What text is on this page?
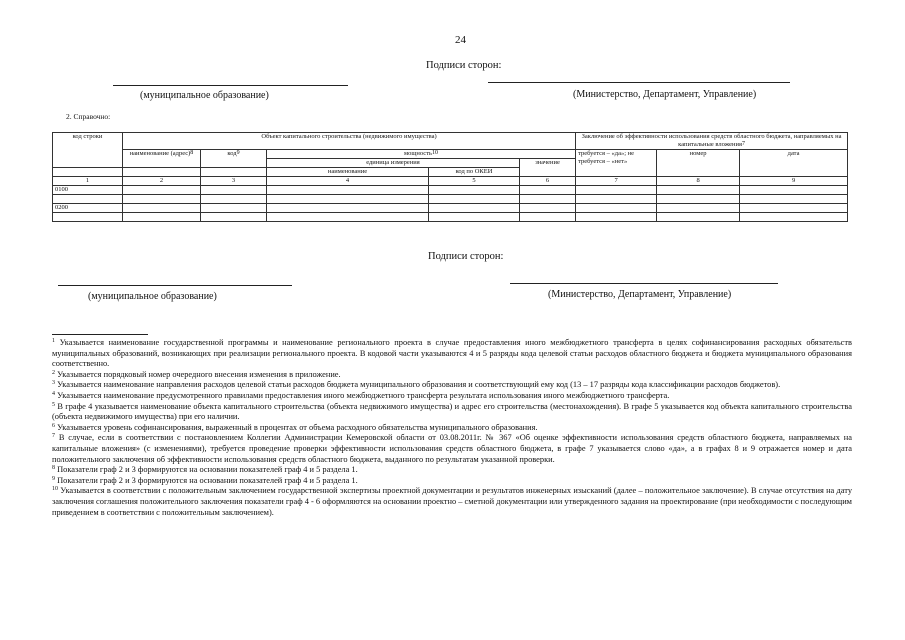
24
Подписи сторон:
(муниципальное образование)	(Министерство, Департамент, Управление)
2. Справочно:
код строки	Объект капитального строительства (недвижимого имущества)					Заключение об эффективности использования средств областного бюджета, направляемых на капитальные вложения$^7$
	наименование (адрес)$^8$	код$^9$	мощность$^{10}$			требуется – «да»; не требуется – «нет»	номер	дата
			единица измерения		значение			
			наименование	код по ОКЕИ				
1	2	3	4	5	6	7	8	9
0100								

0200								

Подписи сторон:
(муниципальное образование)	(Министерство, Департамент, Управление)

$^1$ Указывается наименование государственной программы и наименование регионального проекта в случае предоставления иного межбюджетного трансферта в целях софинансирования расходных обязательств муниципальных образований, возникающих при реализации регионального проекта. В кодовой части указываются 4 и 5 разряды кода целевой статьи расходов областного бюджета и бюджета муниципального образования соответственно.

$^2$ Указывается порядковый номер очередного внесения изменения в приложение.

$^3$ Указывается наименование направления расходов целевой статьи расходов бюджета муниципального образования и соответствующий ему код (13 – 17 разряды кода классификации расходов бюджетов).

$^4$ Указывается наименование предусмотренного правилами предоставления иного межбюджетного трансферта результата использования иного межбюджетного трансферта.

$^5$ В графе 4 указывается наименование объекта капитального строительства (объекта недвижимого имущества) и адрес его строительства (местонахождения). В графе 5 указывается код объекта капитального строительства (объекта недвижимого имущества) при его наличии.

$^6$ Указывается уровень софинансирования, выраженный в процентах от объема расходного обязательства муниципального образования.

$^7$ В случае, если в соответствии с постановлением Коллегии Администрации Кемеровской области от 03.08.2011г. № 367 «Об оценке эффективности использования средств областного бюджета, направляемых на капитальные вложения» (с изменениями), требуется проведение проверки эффективности использования средств областного бюджета, в графе 7 указывается слово «да», а в графах 8 и 9 отражается номер и дата положительного заключения об эффективности использования средств областного бюджета, выданного по результатам указанной проверки.

$^8$ Показатели граф 2 и 3 формируются на основании показателей граф 4 и 5 раздела 1.

$^9$ Показатели граф 2 и 3 формируются на основании показателей граф 4 и 5 раздела 1.

$^{10}$ Указывается в соответствии с положительным заключением государственной экспертизы проектной документации и результатов инженерных изысканий (далее – положительное заключение). В случае отсутствия на дату заключения соглашения положительного заключения показатели граф 4 - 6 оформляются на основании проектно – сметной документации или утвержденного задания на проектирование (при необходимости с последующим приведением в соответствии с положительным заключением).
